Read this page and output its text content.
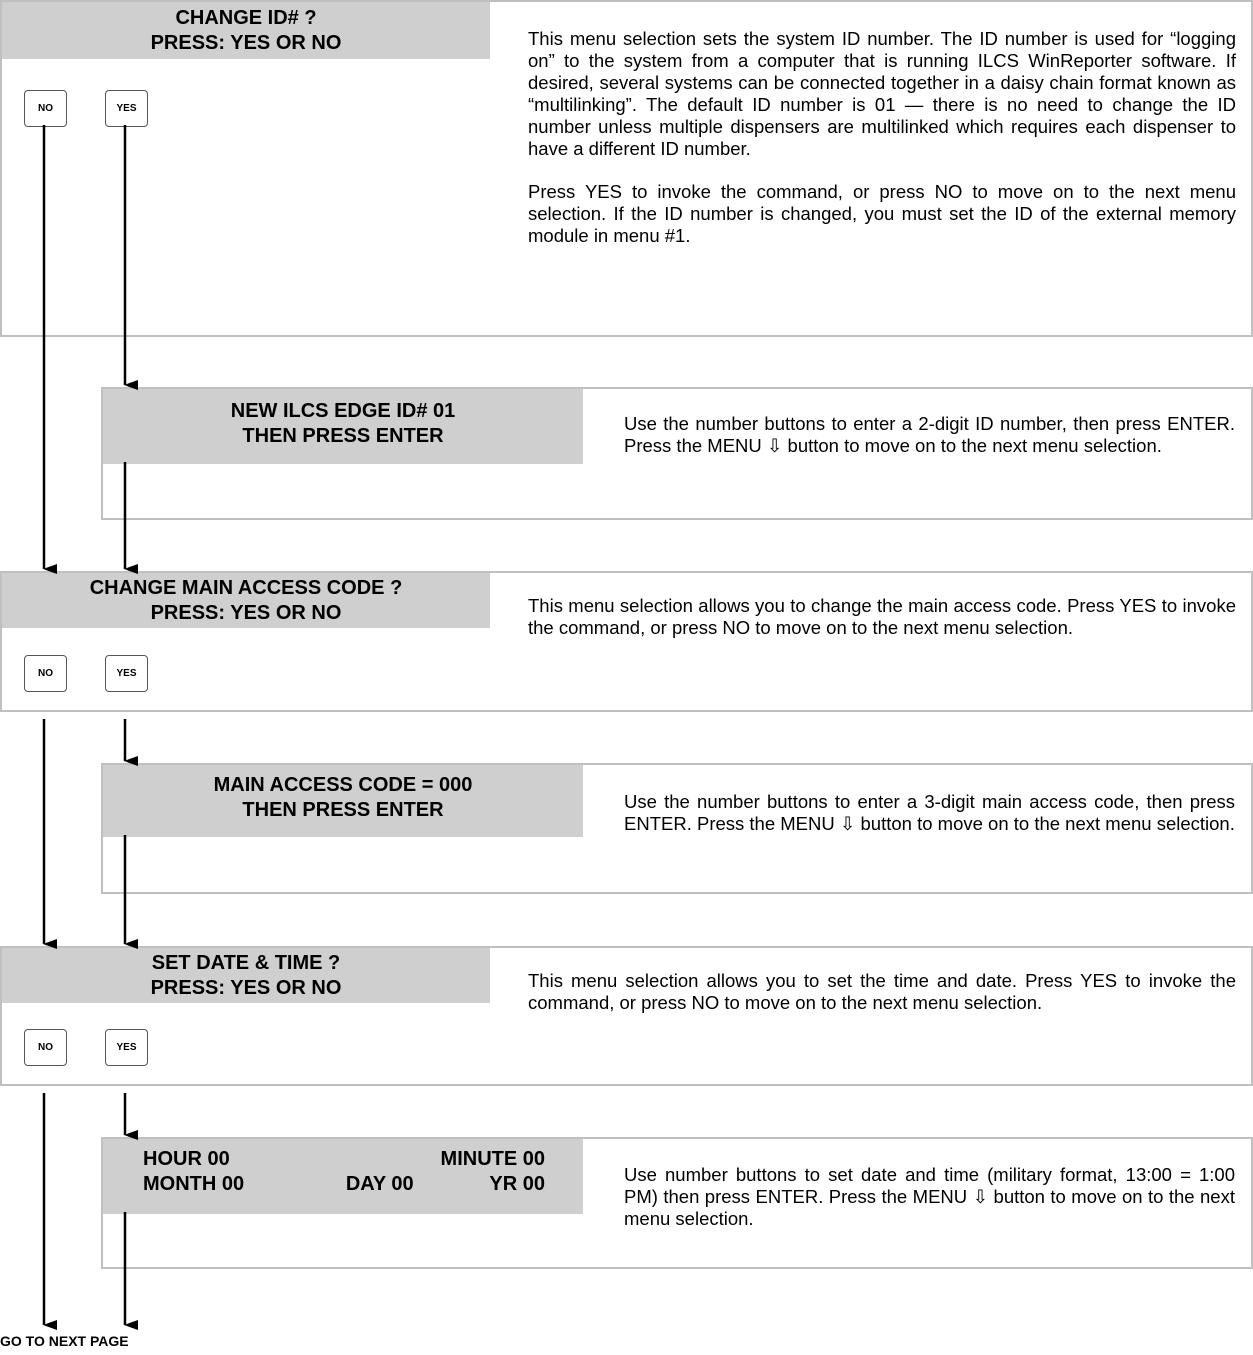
CHANGE ID# ?
PRESS: YES OR NO
NO	YES

This menu selection sets the system ID number. The ID number is used for “logging on” to the system from a computer that is running ILCS WinReporter software. If desired, several systems can be connected together in a daisy chain format known as “multilinking”. The default ID number is 01 — there is no need to change the ID number unless multiple dispensers are multilinked which requires each dispenser to have a different ID number.

Press YES to invoke the command, or press NO to move on to the next menu selection. If the ID number is changed, you must set the ID of the external memory module in menu #1.

NEW ILCS EDGE ID# 01
THEN PRESS ENTER

Use the number buttons to enter a 2-digit ID number, then press ENTER. Press the MENU ⇩ button to move on to the next menu selection.

CHANGE MAIN ACCESS CODE ?
PRESS: YES OR NO
NO	YES

This menu selection allows you to change the main access code. Press YES to invoke the command, or press NO to move on to the next menu selection.

MAIN ACCESS CODE = 000
THEN PRESS ENTER	Use the number buttons to enter a 3-digit main access code, then press ENTER. Press the MENU ⇩ button to move on to the next menu selection.

SET DATE & TIME ?
PRESS: YES OR NO
NO	YES

This menu selection allows you to set the time and date. Press YES to invoke the command, or press NO to move on to the next menu selection.

HOUR 00	MINUTE 00
MONTH 00	DAY 00	YR 00	Use number buttons to set date and time (military format, 13:00 = 1:00 PM) then press ENTER. Press the MENU ⇩ button to move on to the next menu selection.

GO TO NEXT PAGE
